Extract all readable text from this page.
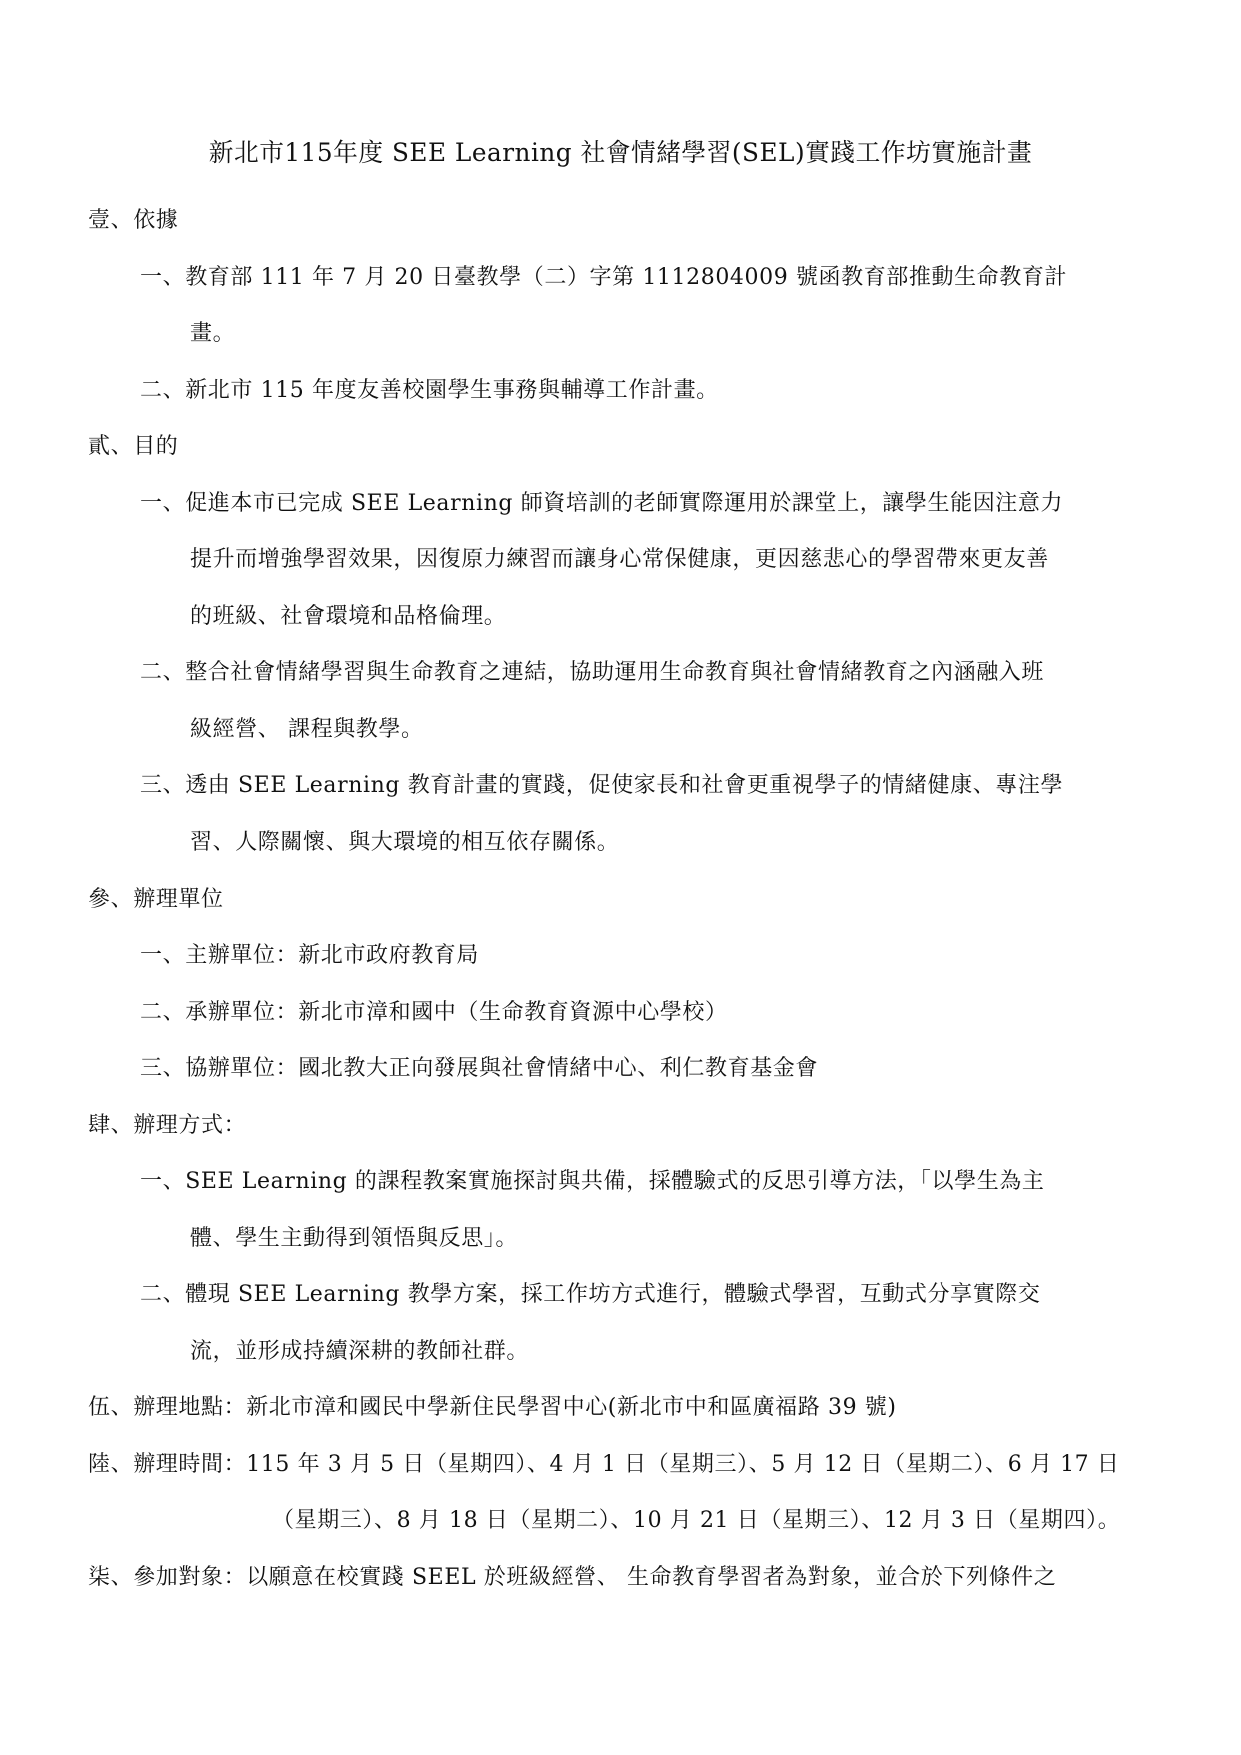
新北市115年度 SEE Learning 社會情緒學習(SEL)實踐工作坊實施計畫
壹、依據
一、教育部 111 年 7 月 20 日臺教學（二）字第 1112804009 號函教育部推動生命教育計
畫。
二、新北市 115 年度友善校園學生事務與輔導工作計畫。
貳、目的
一、促進本市已完成 SEE Learning 師資培訓的老師實際運用於課堂上，讓學生能因注意力
提升而增強學習效果，因復原力練習而讓身心常保健康，更因慈悲心的學習帶來更友善
的班級、社會環境和品格倫理。
二、整合社會情緒學習與生命教育之連結，協助運用生命教育與社會情緒教育之內涵融入班
級經營、 課程與教學。
三、透由 SEE Learning 教育計畫的實踐，促使家長和社會更重視學子的情緒健康、專注學
習、人際關懷、與大環境的相互依存關係。
參、辦理單位
一、主辦單位：新北市政府教育局
二、承辦單位：新北市漳和國中（生命教育資源中心學校）
三、協辦單位：國北教大正向發展與社會情緒中心、利仁教育基金會
肆、辦理方式：
一、SEE Learning 的課程教案實施探討與共備，採體驗式的反思引導方法，「以學生為主
體、學生主動得到領悟與反思」。
二、體現 SEE Learning 教學方案，採工作坊方式進行，體驗式學習，互動式分享實際交
流，並形成持續深耕的教師社群。
伍、辦理地點：新北市漳和國民中學新住民學習中心(新北市中和區廣福路 39 號)
陸、辦理時間：115 年 3 月 5 日（星期四）、4 月 1 日（星期三）、5 月 12 日（星期二）、6 月 17 日
（星期三）、8 月 18 日（星期二）、10 月 21 日（星期三）、12 月 3 日（星期四）。
柒、參加對象：以願意在校實踐 SEEL 於班級經營、 生命教育學習者為對象，並合於下列條件之
